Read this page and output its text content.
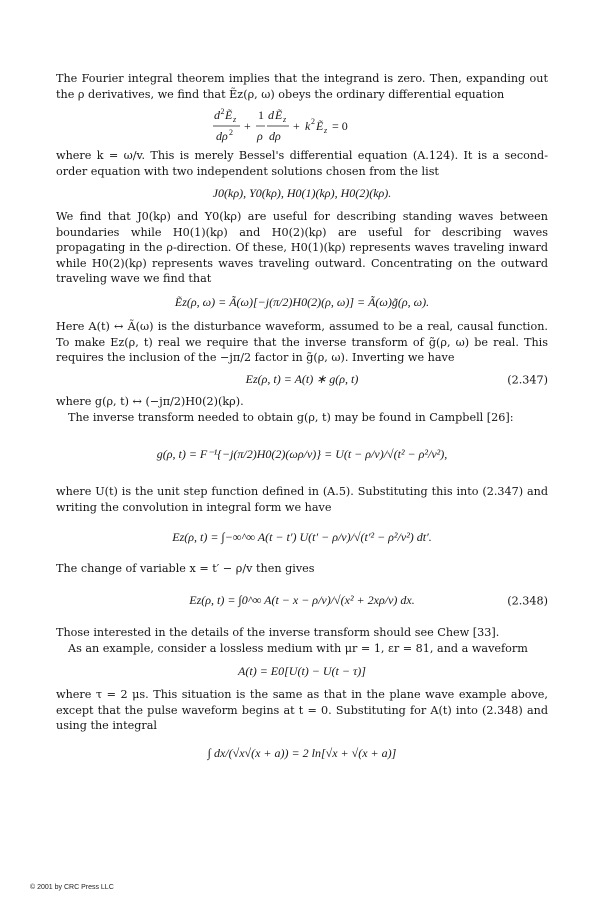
The Fourier integral theorem implies that the integrand is zero. Then, expanding out the ρ derivatives, we find that Ẽz(ρ, ω) obeys the ordinary differential equation

d 2 Ẽ z
dρ 2 +
1
ρ
d Ẽ z
dρ
+ k 2 Ẽ z = 0

where k = ω/v. This is merely Bessel's differential equation (A.124). It is a second-order equation with two independent solutions chosen from the list

J0(kρ), Y0(kρ), H0(1)(kρ), H0(2)(kρ).

We find that J0(kρ) and Y0(kρ) are useful for describing standing waves between boundaries while H0(1)(kρ) and H0(2)(kρ) are useful for describing waves propagating in the ρ-direction. Of these, H0(1)(kρ) represents waves traveling inward while H0(2)(kρ) represents waves traveling outward. Concentrating on the outward traveling wave we find that

Ẽz(ρ, ω) = Ã(ω)[−j(π/2)H0(2)(ρ, ω)] = Ã(ω)g̃(ρ, ω).

Here A(t) ↔ Ã(ω) is the disturbance waveform, assumed to be a real, causal function. To make Ez(ρ, t) real we require that the inverse transform of g̃(ρ, ω) be real. This requires the inclusion of the −jπ/2 factor in g̃(ρ, ω). Inverting we have

Ez(ρ, t) = A(t) ∗ g(ρ, t)	(2.347)

where g(ρ, t) ↔ (−jπ/2)H0(2)(kρ).

The inverse transform needed to obtain g(ρ, t) may be found in Campbell [26]:

g(ρ, t) = F⁻¹{−j(π/2)H0(2)(ωρ/v)} = U(t − ρ/v)/√(t² − ρ²/v²),

where U(t) is the unit step function defined in (A.5). Substituting this into (2.347) and writing the convolution in integral form we have

Ez(ρ, t) = ∫−∞^∞ A(t − t′) U(t′ − ρ/v)/√(t′² − ρ²/v²) dt′.

The change of variable x = t′ − ρ/v then gives

Ez(ρ, t) = ∫0^∞ A(t − x − ρ/v)/√(x² + 2xρ/v) dx.	(2.348)

Those interested in the details of the inverse transform should see Chew [33].

As an example, consider a lossless medium with μr = 1, εr = 81, and a waveform

A(t) = E0[U(t) − U(t − τ)]

where τ = 2 μs. This situation is the same as that in the plane wave example above, except that the pulse waveform begins at t = 0. Substituting for A(t) into (2.348) and using the integral

∫ dx/(√x√(x + a)) = 2 ln[√x + √(x + a)]
© 2001 by CRC Press LLC
